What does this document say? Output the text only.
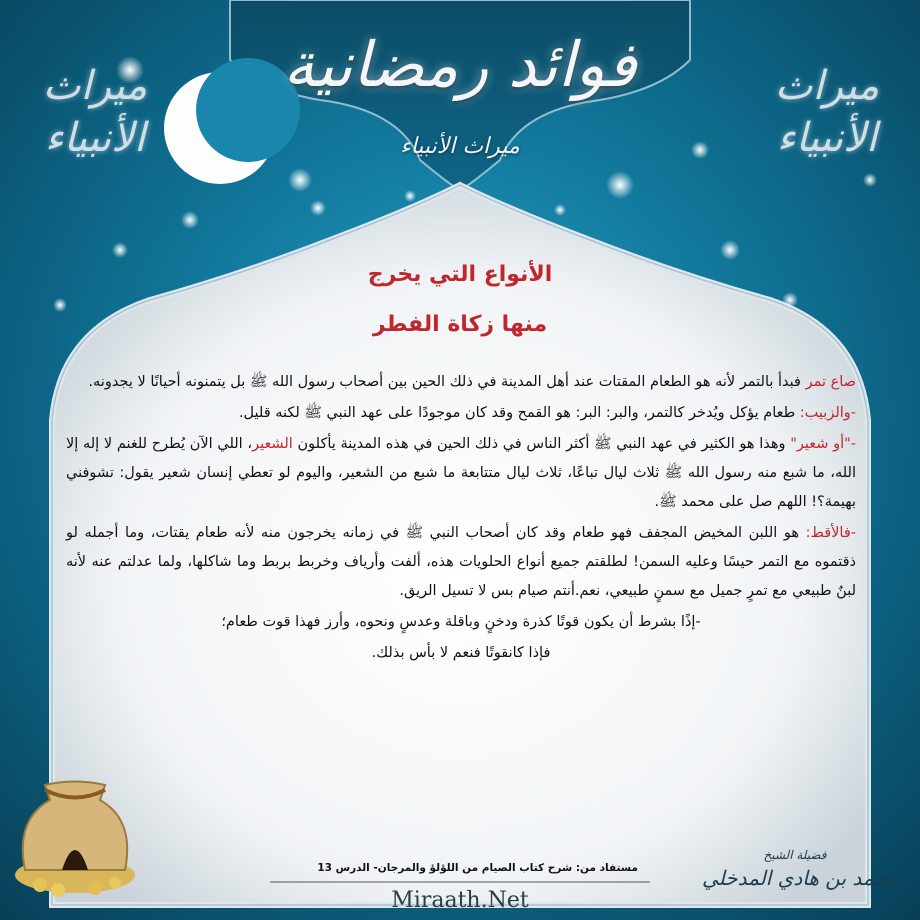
فوائد رمضانية
ميراث الأنبياء
ميراث الأنبياء
ميراث الأنبياء
الأنواع التي يخرج
منها زكاة الفطر

صاع تمر فبدأ بالتمر لأنه هو الطعام المقتات عند أهل المدينة في ذلك الحين بين أصحاب رسول الله ﷺ بل يتمنونه أحيانًا لا يجدونه.

-والزبيب: طعام يؤكل ويُدخر كالتمر، والبر: البر: هو القمح وقد كان موجودًا على عهد النبي ﷺ لكنه قليل.

-"أو شعير" وهذا هو الكثير في عهد النبي ﷺ أكثر الناس في ذلك الحين في هذه المدينة يأكلون الشعير، اللي الآن يُطرح للغنم لا إله إلا الله، ما شبع منه رسول الله ﷺ ثلاث ليال تباعًا، ثلاث ليال متتابعة ما شبع من الشعير، واليوم لو تعطي إنسان شعير يقول: تشوفني بهيمة؟! اللهم صل على محمد ﷺ.

-فالأقط: هو اللبن المخيض المجفف فهو طعام وقد كان أصحاب النبي ﷺ في زمانه يخرجون منه لأنه طعام يقتات، وما أجمله لو ذقتموه مع التمر حيسًا وعليه السمن! لطلقتم جميع أنواع الحلويات هذه، ألفت وأرياف وخربط بربط وما شاكلها، ولما عدلتم عنه لأنه لبنٌ طبيعي مع تمرٍ جميل مع سمنٍ طبيعي، نعم.أنتم صيام بس لا تسيل الريق.

-إذًا بشرط أن يكون قوتًا كذرة ودخنٍ وباقلة وعدسٍ ونحوه، وأرز فهذا قوت طعام؛

فإذا كانقوتًا فنعم لا بأس بذلك.

مستفاد من: شرح كتاب الصيام من اللؤلؤ والمرجان- الدرس 13
فضيلة الشيخ
محمد بن هادي المدخلي
Miraath.Net
